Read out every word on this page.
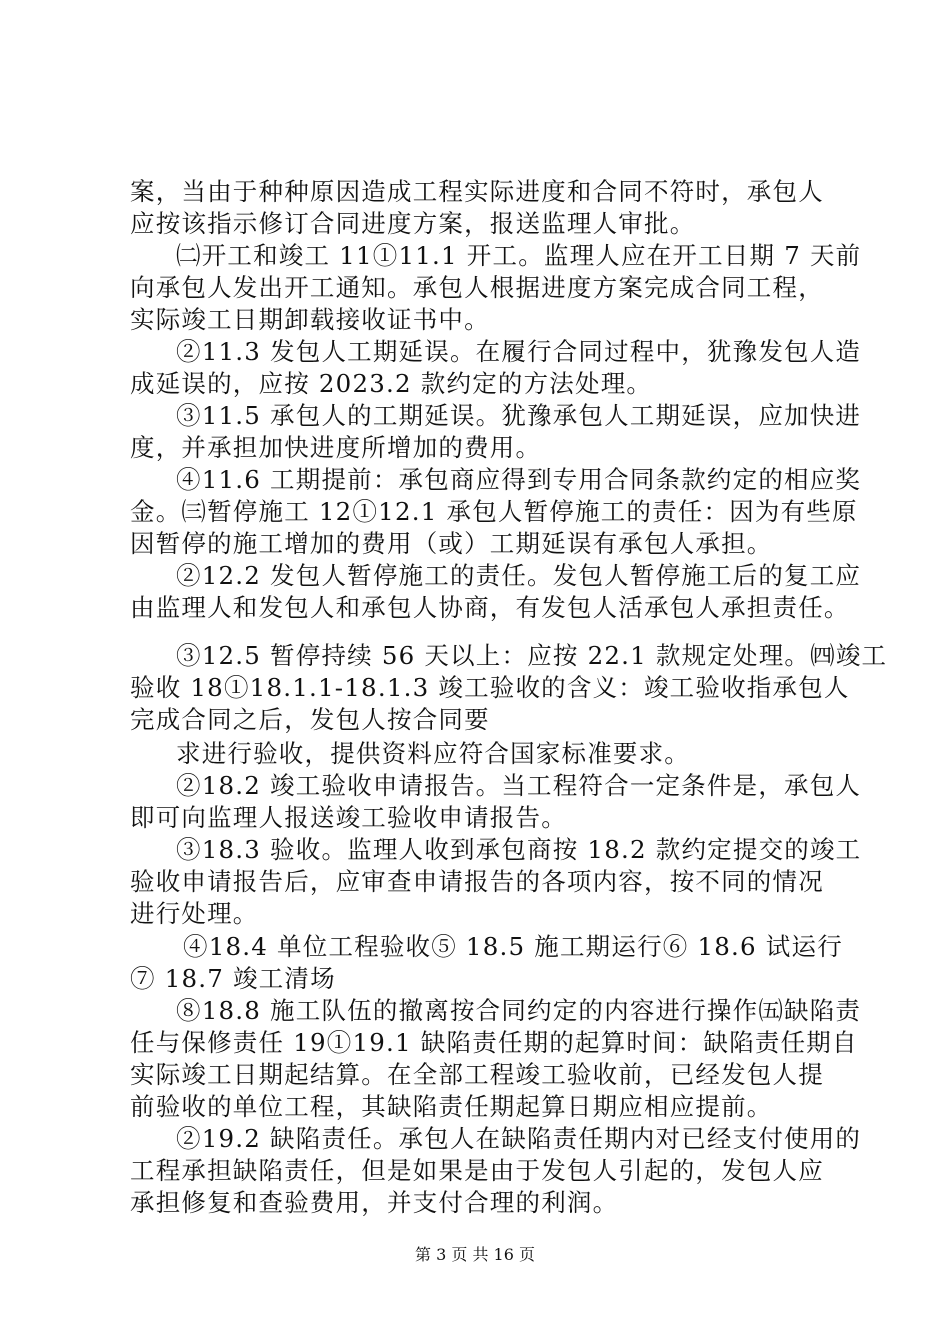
案，当由于种种原因造成工程实际进度和合同不符时，承包人
应按该指示修订合同进度方案，报送监理人审批。
㈡开工和竣工 11①11.1 开工。监理人应在开工日期 7 天前
向承包人发出开工通知。承包人根据进度方案完成合同工程，
实际竣工日期卸载接收证书中。
②11.3 发包人工期延误。在履行合同过程中，犹豫发包人造
成延误的，应按 2023.2 款约定的方法处理。
③11.5 承包人的工期延误。犹豫承包人工期延误，应加快进
度，并承担加快进度所增加的费用。
④11.6 工期提前：承包商应得到专用合同条款约定的相应奖
金。㈢暂停施工 12①12.1 承包人暂停施工的责任：因为有些原
因暂停的施工增加的费用（或）工期延误有承包人承担。
②12.2 发包人暂停施工的责任。发包人暂停施工后的复工应
由监理人和发包人和承包人协商，有发包人活承包人承担责任。
③12.5 暂停持续 56 天以上：应按 22.1 款规定处理。㈣竣工
验收 18①18.1.1-18.1.3 竣工验收的含义：竣工验收指承包人
完成合同之后，发包人按合同要
求进行验收，提供资料应符合国家标准要求。
②18.2 竣工验收申请报告。当工程符合一定条件是，承包人
即可向监理人报送竣工验收申请报告。
③18.3 验收。监理人收到承包商按 18.2 款约定提交的竣工
验收申请报告后，应审查申请报告的各项内容，按不同的情况
进行处理。
④18.4 单位工程验收⑤ 18.5 施工期运行⑥ 18.6 试运行
⑦ 18.7 竣工清场
⑧18.8 施工队伍的撤离按合同约定的内容进行操作㈤缺陷责
任与保修责任 19①19.1 缺陷责任期的起算时间：缺陷责任期自
实际竣工日期起结算。在全部工程竣工验收前，已经发包人提
前验收的单位工程，其缺陷责任期起算日期应相应提前。
②19.2 缺陷责任。承包人在缺陷责任期内对已经支付使用的
工程承担缺陷责任，但是如果是由于发包人引起的，发包人应
承担修复和查验费用，并支付合理的利润。
第 3 页 共 16 页
